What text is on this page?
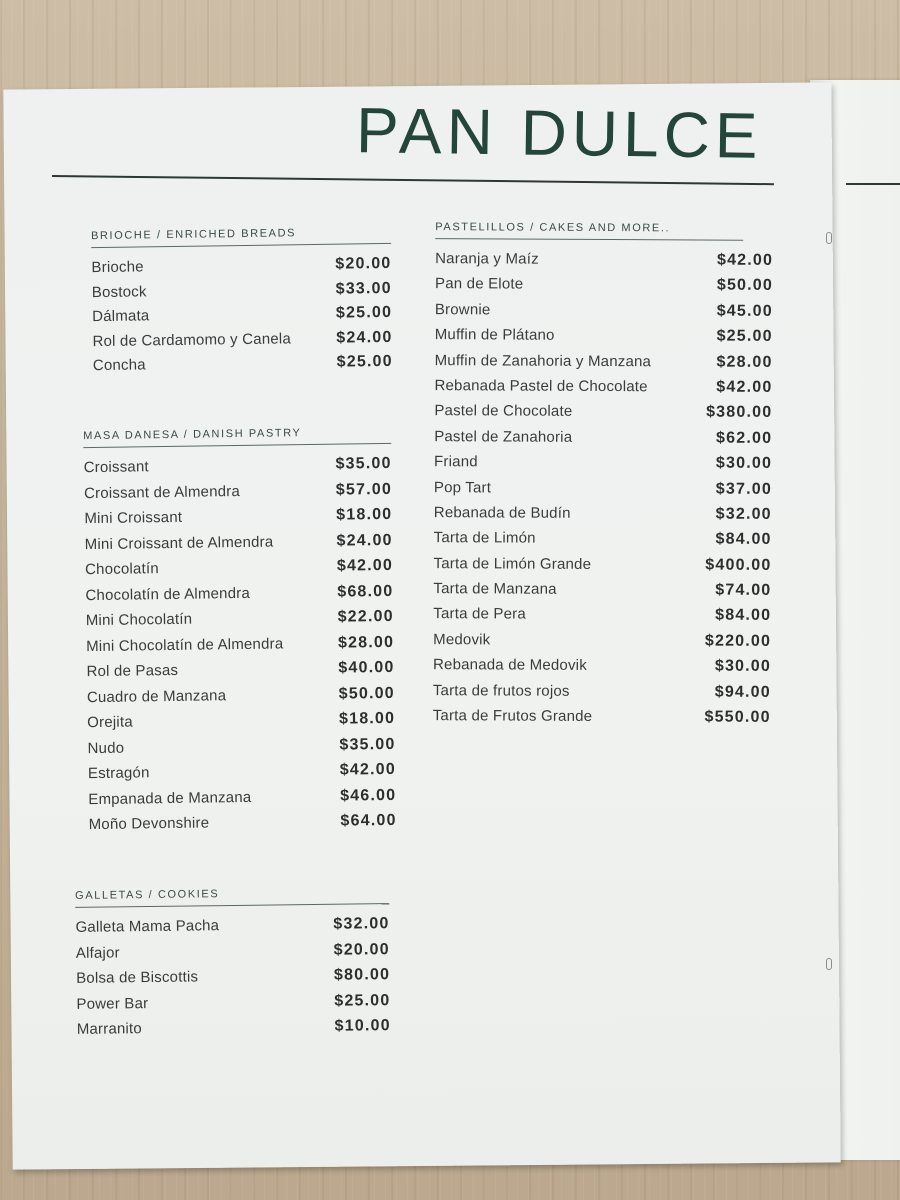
PAN DULCE
BRIOCHE / ENRICHED BREADS
Brioche	$20.00
Bostock	$33.00
Dálmata	$25.00
Rol de Cardamomo y Canela	$24.00
Concha	$25.00
MASA DANESA / DANISH PASTRY
Croissant	$35.00
Croissant de Almendra	$57.00
Mini Croissant	$18.00
Mini Croissant de Almendra	$24.00
Chocolatín	$42.00
Chocolatín de Almendra	$68.00
Mini Chocolatín	$22.00
Mini Chocolatín de Almendra	$28.00
Rol de Pasas	$40.00
Cuadro de Manzana	$50.00
Orejita	$18.00
Nudo	$35.00
Estragón	$42.00
Empanada de Manzana	$46.00
Moño Devonshire	$64.00
GALLETAS / COOKIES
Galleta Mama Pacha	$32.00
Alfajor	$20.00
Bolsa de Biscottis	$80.00
Power Bar	$25.00
Marranito	$10.00
PASTELILLOS / CAKES AND MORE..
Naranja y Maíz	$42.00
Pan de Elote	$50.00
Brownie	$45.00
Muffin de Plátano	$25.00
Muffin de Zanahoria y Manzana	$28.00
Rebanada Pastel de Chocolate	$42.00
Pastel de Chocolate	$380.00
Pastel de Zanahoria	$62.00
Friand	$30.00
Pop Tart	$37.00
Rebanada de Budín	$32.00
Tarta de Limón	$84.00
Tarta de Limón Grande	$400.00
Tarta de Manzana	$74.00
Tarta de Pera	$84.00
Medovik	$220.00
Rebanada de Medovik	$30.00
Tarta de frutos rojos	$94.00
Tarta de Frutos Grande	$550.00
